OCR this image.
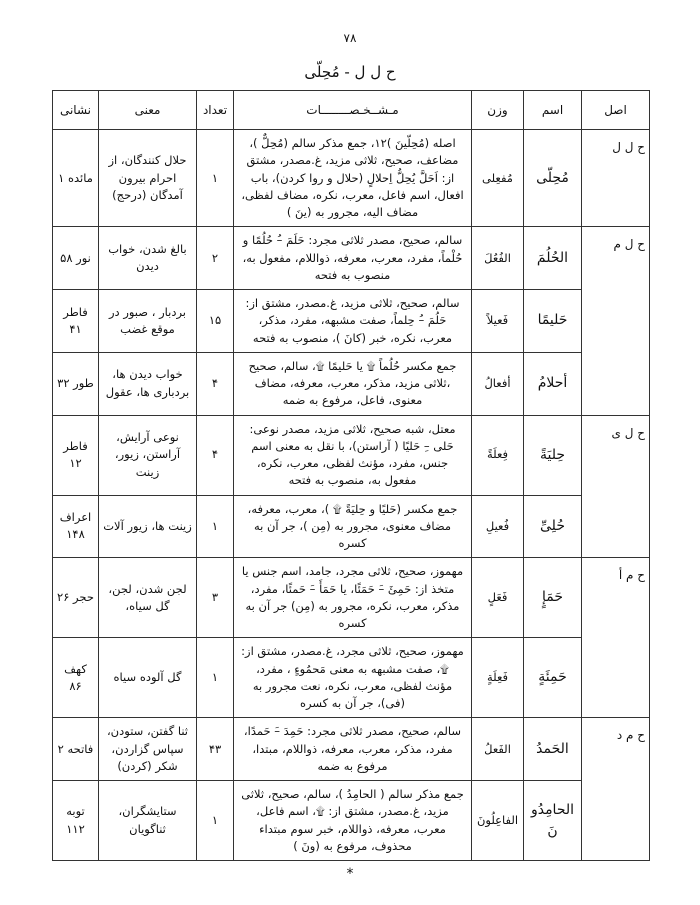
۷۸
ح ل ل - مُحِلّی
اصل	اسم	وزن	مـشــخـصــــــــات	تعداد	معنی	نشانی
ح ل ل	مُحِلّی	مُفعِلی	اصله (مُحِلّینَ )۱۲، جمع مذکر سالم (مُحِلٌّ )، مضاعف، صحیح، ثلاثی مزید، غ.مصدر، مشتق از: اَحَلَّ یُحِلُّ اِحلالٍ (حلال و روا کردن)، باب افعال، اسم فاعل، معرب، نکره، مضاف لفظی، مضاف الیه، مجرور به (ینَ )	۱	حلال کنندگان، از احرام بیرون آمدگان (درحج)	مائده ۱
ح ل م	الحُلُمَ	الفُعُلَ	سالم، صحیح، مصدر ثلاثی مجرد: حَلَمَ –ُ حُلُمًا و حُلْماً، مفرد، معرب، معرفه، ذواللام، مفعول به، منصوب به فتحه	۲	بالغ شدن، خواب دیدن	نور ۵۸
	حَلیمًا	فَعیلاً	سالم، صحیح، ثلاثی مزید، غ.مصدر، مشتق از: حَلُمَ –ُ حِلماً، صفت مشبهه، مفرد، مذکر، معرب، نکره، خبر (کانَ )، منصوب به فتحه	۱۵	بردبار ، صبور در موقع غضب	فاطر ۴۱
	أحلامُ	أفعالُ	جمع مکسر حُلُماً ۩ یا حَلیمًا ۩، سالم، صحیح ،ثلاثی مزید، مذکر، معرب، معرفه، مضاف معنوی، فاعل، مرفوع به ضمه	۴	خواب دیدن ها، بردباری ها، عقول	طور ۳۲
ح ل ی	حِلیَةً	فِعلَةً	معتل، شبه صحیح، ثلاثی مزید، مصدر نوعی: حَلی –ِ حَلیًا ( آراستن)، با نقل به معنی اسم جنس، مفرد، مؤنث لفظی، معرب، نکره، مفعول به، منصوب به فتحه	۴	نوعی آرایش، آراستن، زیور، زینت	فاطر ۱۲
	حُلِیِّ	فُعیلِ	جمع مکسر (حَلیًا و حِلیَةً ۩ )، معرب، معرفه، مضاف معنوی، مجرور به (مِن )، جر آن به کسره	۱	زینت ها، زیور آلات	اعراف ۱۴۸
ح م أ	حَمَإٍ	فَعَلٍ	مهموز، صحیح، ثلاثی مجرد، جامد، اسم جنس یا متخذ از: حَمِئَ –َ حَمَئًا، یا حَمَأَ –َ حَمئًا، مفرد، مذکر، معرب، نکره، مجرور به (مِن) جر آن به کسره	۳	لجن شدن، لجن، گل سیاه،	حجر ۲۶
	حَمِئَةٍ	فَعِلَةٍ	مهموز، صحیح، ثلاثی مجرد، غ.مصدر، مشتق از: ۩، صفت مشبهه به معنی مَحمُوءٍ ، مفرد، مؤنث لفظی، معرب، نکره، نعت مجرور به (فی)، جر آن به کسره	۱	گل آلوده سیاه	کهف ۸۶
ح م د	الحَمدُ	الفَعلُ	سالم، صحیح، مصدر ثلاثی مجرد: حَمِدَ –َ حَمدًا، مفرد، مذکر، معرب، معرفه، ذواللام، مبتدا، مرفوع به ضمه	۴۳	ثنا گفتن، ستودن، سپاس گزاردن، شکر (کردن)	فاتحه ۲
	الحامِدُونَ	الفاعِلُونَ	جمع مذکر سالم ( الحامِدُ )، سالم، صحیح، ثلاثی مزید، غ.مصدر، مشتق از: ۩، اسم فاعل، معرب، معرفه، ذواللام، خبر سوم مبتداء محذوف، مرفوع به (ونَ )	۱	ستایشگران، ثناگویان	توبه ۱۱۲
*
